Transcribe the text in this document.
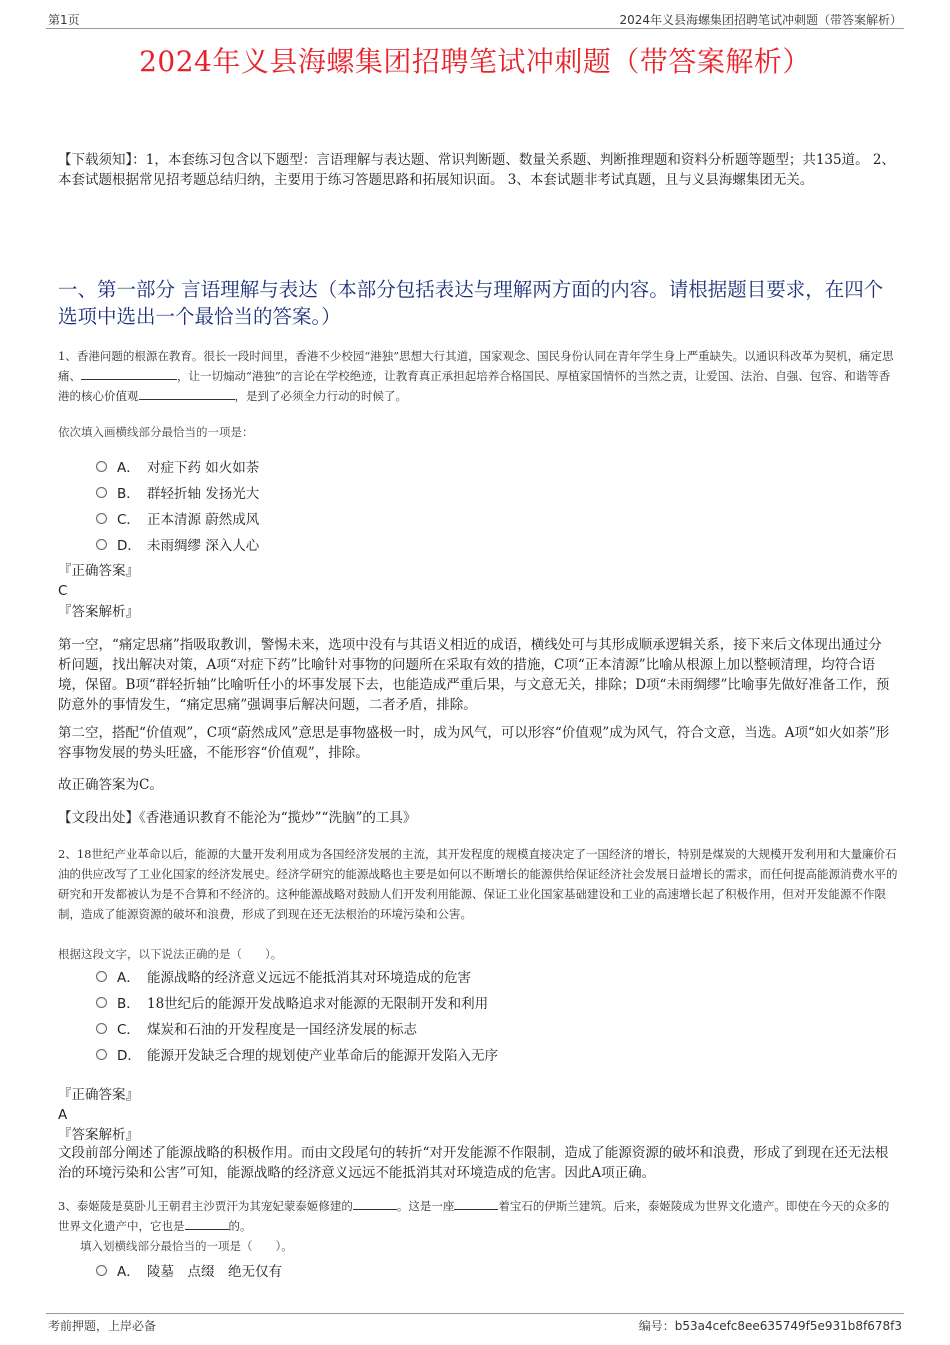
第1页	2024年义县海螺集团招聘笔试冲刺题（带答案解析）
2024年义县海螺集团招聘笔试冲刺题（带答案解析）
【下载须知】：1，本套练习包含以下题型：言语理解与表达题、常识判断题、数量关系题、判断推理题和资料分析题等题型；共135道。 2、本套试题根据常见招考题总结归纳，主要用于练习答题思路和拓展知识面。 3、本套试题非考试真题，且与义县海螺集团无关。
一、第一部分 言语理解与表达（本部分包括表达与理解两方面的内容。请根据题目要求，在四个选项中选出一个最恰当的答案。）
1、香港问题的根源在教育。很长一段时间里，香港不少校园“港独”思想大行其道，国家观念、国民身份认同在青年学生身上严重缺失。以通识科改革为契机，痛定思痛、	，让一切煽动“港独”的言论在学校绝迹，让教育真正承担起培养合格国民、厚植家国情怀的当然之责，让爱国、法治、自强、包容、和谐等香港的核心价值观	，是到了必须全力行动的时候了。
依次填入画横线部分最恰当的一项是：
A． 对症下药 如火如荼
B． 群轻折轴 发扬光大
C． 正本清源 蔚然成风
D． 未雨绸缪 深入人心
『正确答案』
C
『答案解析』
第一空，“痛定思痛”指吸取教训，警惕未来，选项中没有与其语义相近的成语，横线处可与其形成顺承逻辑关系，接下来后文体现出通过分析问题，找出解决对策，A项“对症下药”比喻针对事物的问题所在采取有效的措施，C项“正本清源”比喻从根源上加以整顿清理，均符合语境，保留。B项“群轻折轴”比喻听任小的坏事发展下去，也能造成严重后果，与文意无关，排除；D项“未雨绸缪”比喻事先做好准备工作，预防意外的事情发生，“痛定思痛”强调事后解决问题，二者矛盾，排除。
第二空，搭配“价值观”，C项“蔚然成风”意思是事物盛极一时，成为风气，可以形容“价值观”成为风气，符合文意，当选。A项“如火如荼”形容事物发展的势头旺盛，不能形容“价值观”，排除。
故正确答案为C。
【文段出处】《香港通识教育不能沦为“揽炒”“洗脑”的工具》
2、18世纪产业革命以后，能源的大量开发利用成为各国经济发展的主流，其开发程度的规模直接决定了一国经济的增长，特别是煤炭的大规模开发利用和大量廉价石油的供应改写了工业化国家的经济发展史。经济学研究的能源战略也主要是如何以不断增长的能源供给保证经济社会发展日益增长的需求，而任何提高能源消费水平的研究和开发都被认为是不合算和不经济的。这种能源战略对鼓励人们开发利用能源、保证工业化国家基础建设和工业的高速增长起了积极作用，但对开发能源不作限制，造成了能源资源的破坏和浪费，形成了到现在还无法根治的环境污染和公害。
根据这段文字，以下说法正确的是（　　）。
A． 能源战略的经济意义远远不能抵消其对环境造成的危害
B． 18世纪后的能源开发战略追求对能源的无限制开发和利用
C． 煤炭和石油的开发程度是一国经济发展的标志
D． 能源开发缺乏合理的规划使产业革命后的能源开发陷入无序
『正确答案』
A
『答案解析』
文段前部分阐述了能源战略的积极作用。而由文段尾句的转折“对开发能源不作限制，造成了能源资源的破坏和浪费，形成了到现在还无法根治的环境污染和公害”可知，能源战略的经济意义远远不能抵消其对环境造成的危害。因此A项正确。
3、泰姬陵是莫卧儿王朝君主沙贾汗为其宠妃蒙泰姬修建的	。这是一座	着宝石的伊斯兰建筑。后来，泰姬陵成为世界文化遗产。即使在今天的众多的世界文化遗产中，它也是	的。
填入划横线部分最恰当的一项是（　　）。
A． 陵墓　点缀　绝无仅有
考前押题，上岸必备	编号：b53a4cefc8ee635749f5e931b8f678f3
